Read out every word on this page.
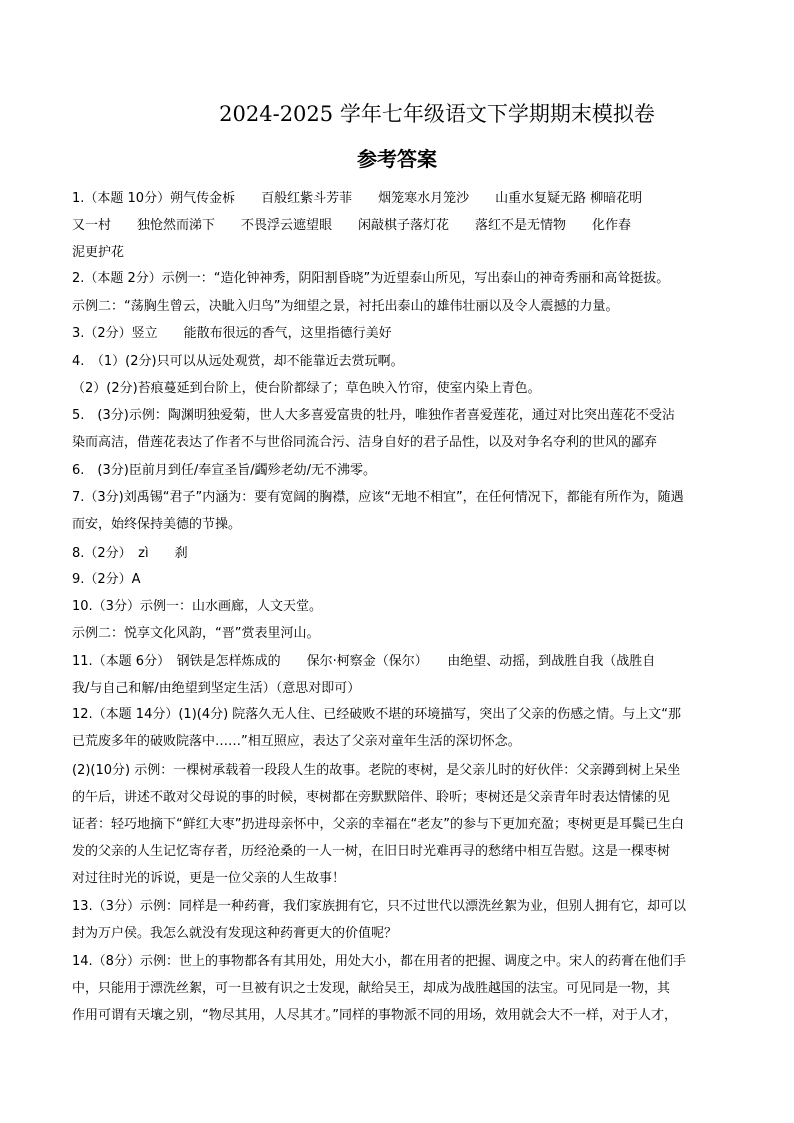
2024-2025 学年七年级语文下学期期末模拟卷
参考答案
1.（本题 10分）朔气传金柝　　百般红紫斗芳菲　　烟笼寒水月笼沙　　山重水复疑无路 柳暗花明
又一村　　独怆然而涕下　　不畏浮云遮望眼　　闲敲棋子落灯花　　落红不是无情物　　化作春
泥更护花
2.（本题 2分）示例一：“造化钟神秀，阴阳割昏晓”为近望泰山所见，写出泰山的神奇秀丽和高耸挺拔。
示例二：“荡胸生曾云，决眦入归鸟”为细望之景，衬托出泰山的雄伟壮丽以及令人震撼的力量。
3.（2分）竖立　　能散布很远的香气，这里指德行美好
4.　（1）(2分)只可以从远处观赏，却不能靠近去赏玩啊。
（2）(2分)苔痕蔓延到台阶上，使台阶都绿了；草色映入竹帘，使室内染上青色。
5.　(3分)示例：陶渊明独爱菊，世人大多喜爱富贵的牡丹，唯独作者喜爱莲花，通过对比突出莲花不受沾
染而高洁，借莲花表达了作者不与世俗同流合污、洁身自好的君子品性，以及对争名夺利的世风的鄙弃
6.　(3分)臣前月到任/奉宣圣旨/蠲殄老幼/无不沸零。
7.（3分)刘禹锡“君子”内涵为：要有宽阔的胸襟，应该“无地不相宜”，在任何情况下，都能有所作为，随遇
而安，始终保持美德的节操。
8.（2分）　zì　　刹
9.（2分）A
10.（3分）示例一：山水画廊，人文天堂。
示例二：悦享文化风韵，“晋”赏表里河山。
11.（本题 6分）　钢铁是怎样炼成的　　保尔·柯察金（保尔）　　由绝望、动摇，到战胜自我（战胜自
我/与自己和解/由绝望到坚定生活）（意思对即可）
12.（本题 14分）(1)(4分) 院落久无人住、已经破败不堪的环境描写，突出了父亲的伤感之情。与上文“那
已荒废多年的破败院落中……”相互照应，表达了父亲对童年生活的深切怀念。
(2)(10分) 示例：一棵树承载着一段段人生的故事。老院的枣树，是父亲儿时的好伙伴：父亲蹲到树上呆坐
的午后，讲述不敢对父母说的事的时候，枣树都在旁默默陪伴、聆听；枣树还是父亲青年时表达情愫的见
证者：轻巧地摘下“鲜红大枣”扔进母亲怀中，父亲的幸福在“老友”的参与下更加充盈；枣树更是耳鬓已生白
发的父亲的人生记忆寄存者，历经沧桑的一人一树，在旧日时光难再寻的愁绪中相互告慰。这是一棵枣树
对过往时光的诉说，更是一位父亲的人生故事！
13.（3分）示例：同样是一种药膏，我们家族拥有它，只不过世代以漂洗丝絮为业，但别人拥有它，却可以
封为万户侯。我怎么就没有发现这种药膏更大的价值呢？
14.（8分）示例：世上的事物都各有其用处，用处大小，都在用者的把握、调度之中。宋人的药膏在他们手
中，只能用于漂洗丝絮，可一旦被有识之士发现，献给吴王，却成为战胜越国的法宝。可见同是一物，其
作用可谓有天壤之别，“物尽其用，人尽其才。”同样的事物派不同的用场，效用就会大不一样，对于人才，
